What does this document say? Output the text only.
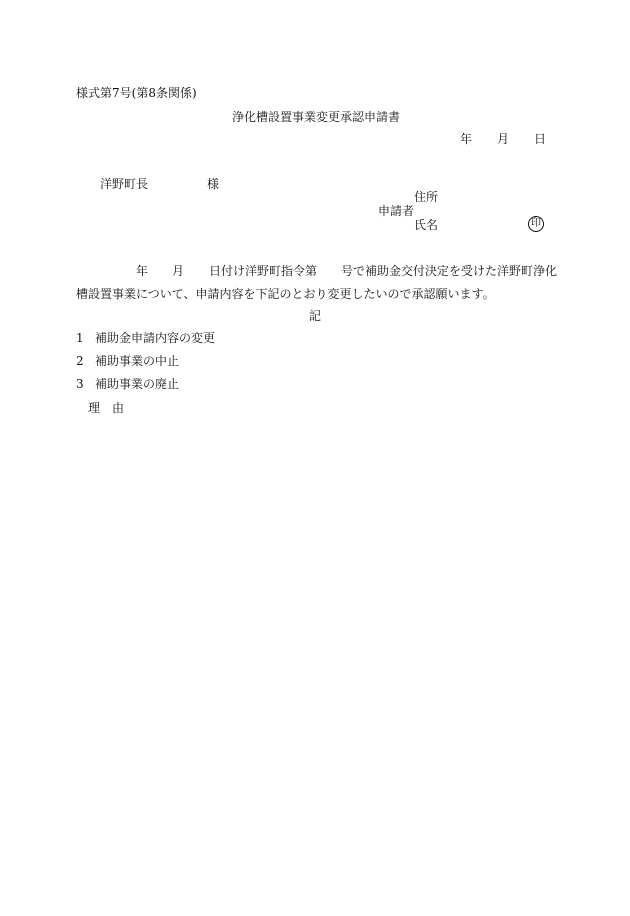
様式第7号(第8条関係)
浄化槽設置事業変更承認申請書
年 月 日
洋野町長	様
住所
申請者
氏名	印
年 月 日付け洋野町指令第 号で補助金交付決定を受けた洋野町浄化
槽設置事業について、申請内容を下記のとおり変更したいので承認願います。
記
1 補助金申請内容の変更
2 補助事業の中止
3 補助事業の廃止
理　由
